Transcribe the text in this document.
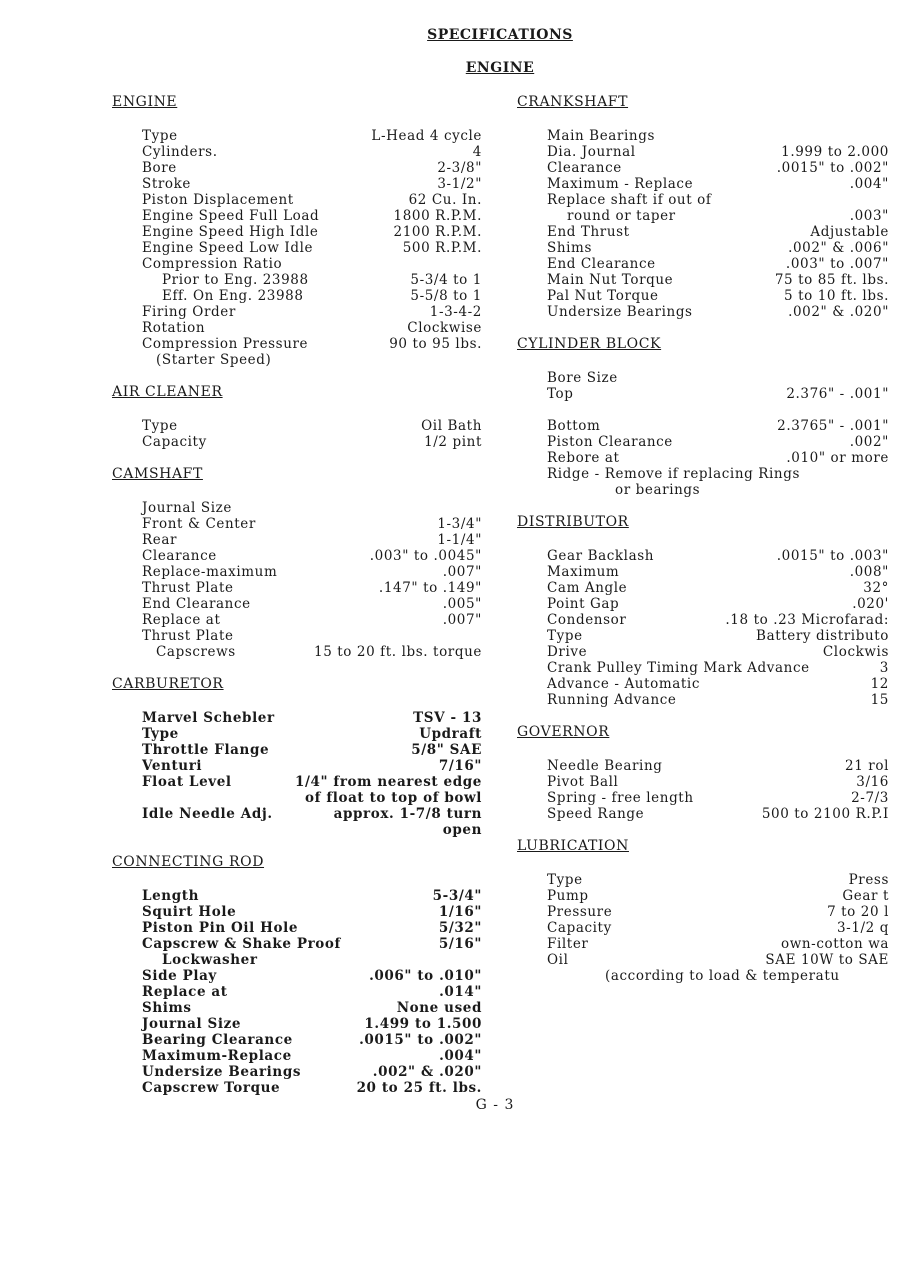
SPECIFICATIONS
ENGINE
ENGINE
Type	L-Head 4 cycle
Cylinders.	4
Bore	2-3/8"
Stroke	3-1/2"
Piston Displacement	62 Cu. In.
Engine Speed Full Load	1800 R.P.M.
Engine Speed High Idle	2100 R.P.M.
Engine Speed Low Idle	500 R.P.M.
Compression Ratio
Prior to Eng. 23988	5-3/4 to 1
Eff. On Eng. 23988	5-5/8 to 1
Firing Order	1-3-4-2
Rotation	Clockwise
Compression Pressure	90 to 95 lbs.
(Starter Speed)
AIR CLEANER
Type	Oil Bath
Capacity	1/2 pint
CAMSHAFT
Journal Size
Front & Center	1-3/4"
Rear	1-1/4"
Clearance	.003" to .0045"
Replace-maximum	.007"
Thrust Plate	.147" to .149"
End Clearance	.005"
Replace at	.007"
Thrust Plate
Capscrews	15 to 20 ft. lbs. torque
CARBURETOR
Marvel Schebler	TSV - 13
Type	Updraft
Throttle Flange	5/8" SAE
Venturi	7/16"
Float Level	1/4" from nearest edge
of float to top of bowl
Idle Needle Adj.	approx. 1-7/8 turn
open
CONNECTING ROD
Length	5-3/4"
Squirt Hole	1/16"
Piston Pin Oil Hole	5/32"
Capscrew & Shake Proof	5/16"
Lockwasher
Side Play	.006" to .010"
Replace at	.014"
Shims	None used
Journal Size	1.499 to 1.500
Bearing Clearance	.0015" to .002"
Maximum-Replace	.004"
Undersize Bearings	.002" & .020"
Capscrew Torque	20 to 25 ft. lbs.
CRANKSHAFT
Main Bearings
Dia. Journal	1.999 to 2.000
Clearance	.0015" to .002"
Maximum - Replace	.004"
Replace shaft if out of
round or taper	.003"
End Thrust	Adjustable
Shims	.002" & .006"
End Clearance	.003" to .007"
Main Nut Torque	75 to 85 ft. lbs.
Pal Nut Torque	5 to 10 ft. lbs.
Undersize Bearings	.002" & .020"
CYLINDER BLOCK
Bore Size
Top	2.376" - .001"
Bottom	2.3765" - .001"
Piston Clearance	.002"
Rebore at	.010" or more
Ridge - Remove if replacing Rings
or bearings
DISTRIBUTOR
Gear Backlash	.0015" to .003"
Maximum	.008"
Cam Angle	32°
Point Gap	.020'
Condensor	.18 to .23 Microfarad:
Type	Battery distributo
Drive	Clockwis
Crank Pulley Timing Mark Advance	3
Advance - Automatic	12
Running Advance	15
GOVERNOR
Needle Bearing	21 rol
Pivot Ball	3/16
Spring - free length	2-7/3
Speed Range	500 to 2100 R.P.I
LUBRICATION
Type	Press
Pump	Gear t
Pressure	7 to 20 l
Capacity	3-1/2 q
Filter	own-cotton wa
Oil	SAE 10W to SAE
(according to load & temperatu
G - 3
